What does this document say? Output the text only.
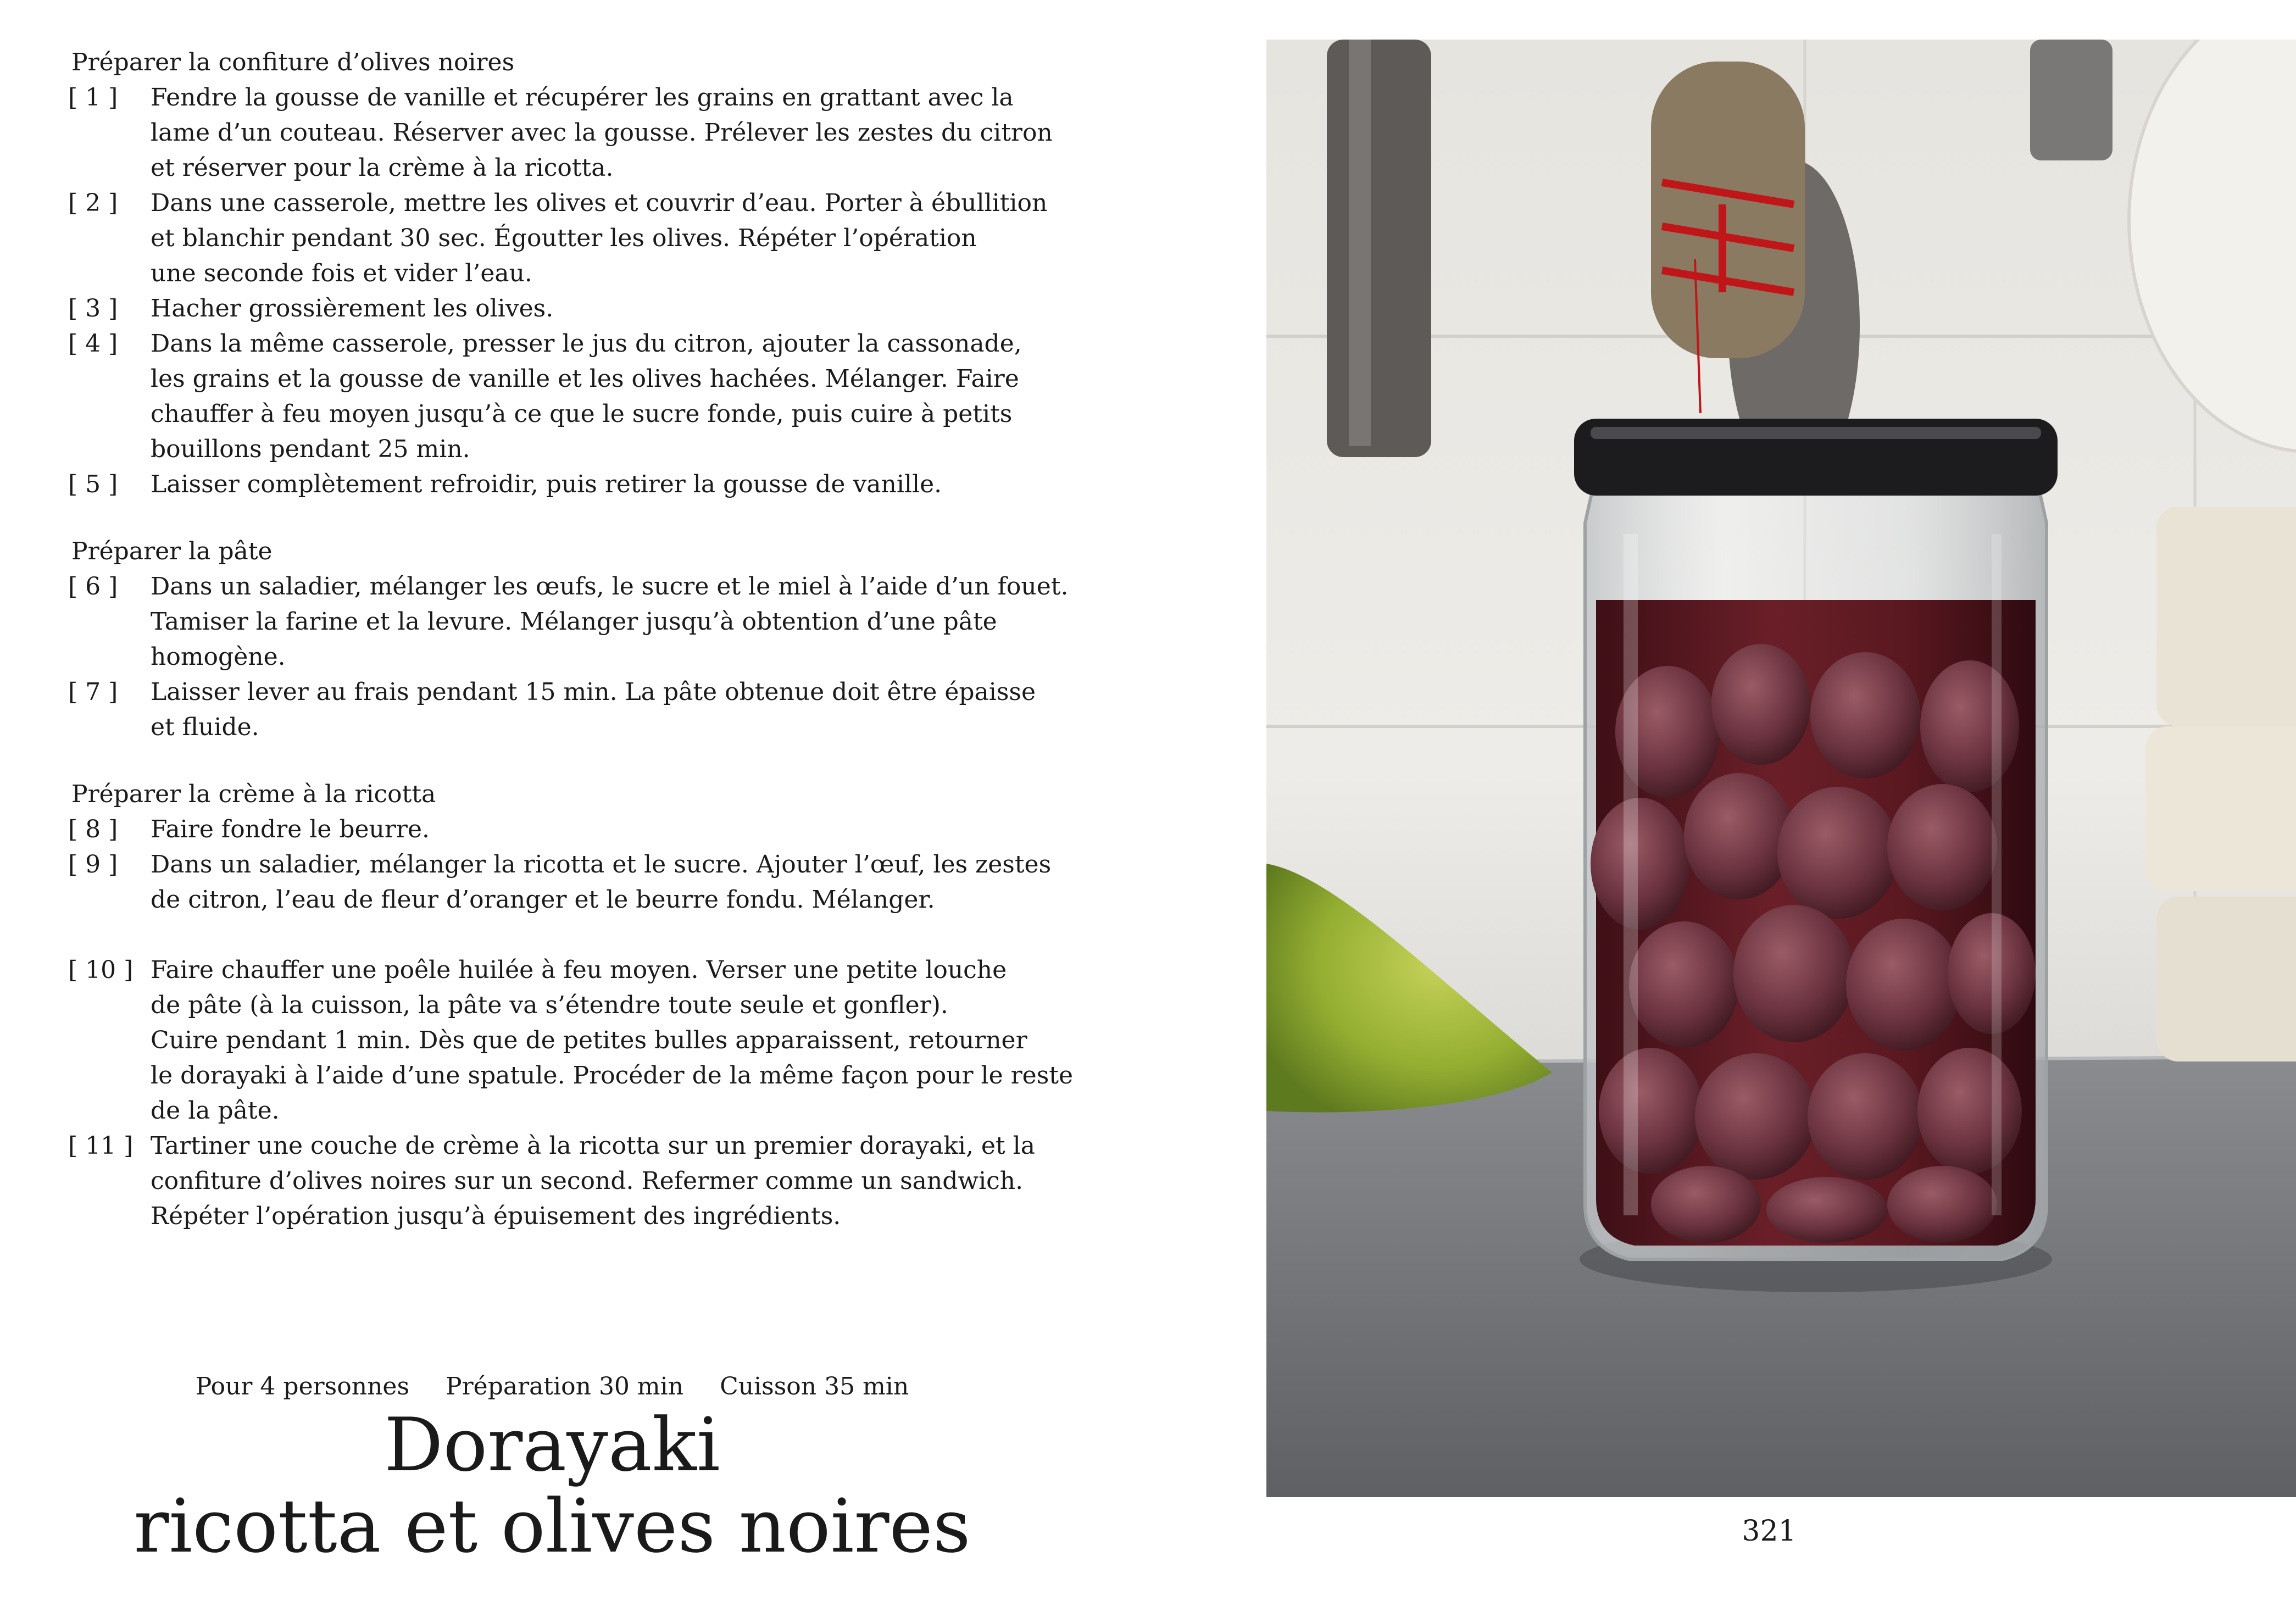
Préparer la confiture d’olives noires
[ 1 ] Fendre la gousse de vanille et récupérer les grains en grattant avec la
lame d’un couteau. Réserver avec la gousse. Prélever les zestes du citron
et réserver pour la crème à la ricotta.
[ 2 ] Dans une casserole, mettre les olives et couvrir d’eau. Porter à ébullition
et blanchir pendant 30 sec. Égoutter les olives. Répéter l’opération
une seconde fois et vider l’eau.
[ 3 ] Hacher grossièrement les olives.
[ 4 ] Dans la même casserole, presser le jus du citron, ajouter la cassonade,
les grains et la gousse de vanille et les olives hachées. Mélanger. Faire
chauffer à feu moyen jusqu’à ce que le sucre fonde, puis cuire à petits
bouillons pendant 25 min.
[ 5 ] Laisser complètement refroidir, puis retirer la gousse de vanille.
Préparer la pâte
[ 6 ] Dans un saladier, mélanger les œufs, le sucre et le miel à l’aide d’un fouet.
Tamiser la farine et la levure. Mélanger jusqu’à obtention d’une pâte
homogène.
[ 7 ] Laisser lever au frais pendant 15 min. La pâte obtenue doit être épaisse
et fluide.
Préparer la crème à la ricotta
[ 8 ] Faire fondre le beurre.
[ 9 ] Dans un saladier, mélanger la ricotta et le sucre. Ajouter l’œuf, les zestes
de citron, l’eau de fleur d’oranger et le beurre fondu. Mélanger.
[ 10 ] Faire chauffer une poêle huilée à feu moyen. Verser une petite louche
de pâte (à la cuisson, la pâte va s’étendre toute seule et gonfler).
Cuire pendant 1 min. Dès que de petites bulles apparaissent, retourner
le dorayaki à l’aide d’une spatule. Procéder de la même façon pour le reste
de la pâte.
[ 11 ] Tartiner une couche de crème à la ricotta sur un premier dorayaki, et la
confiture d’olives noires sur un second. Refermer comme un sandwich.
Répéter l’opération jusqu’à épuisement des ingrédients.
Pour 4 personnes Préparation 30 min Cuisson 35 min
Dorayaki
ricotta et olives noires	321
